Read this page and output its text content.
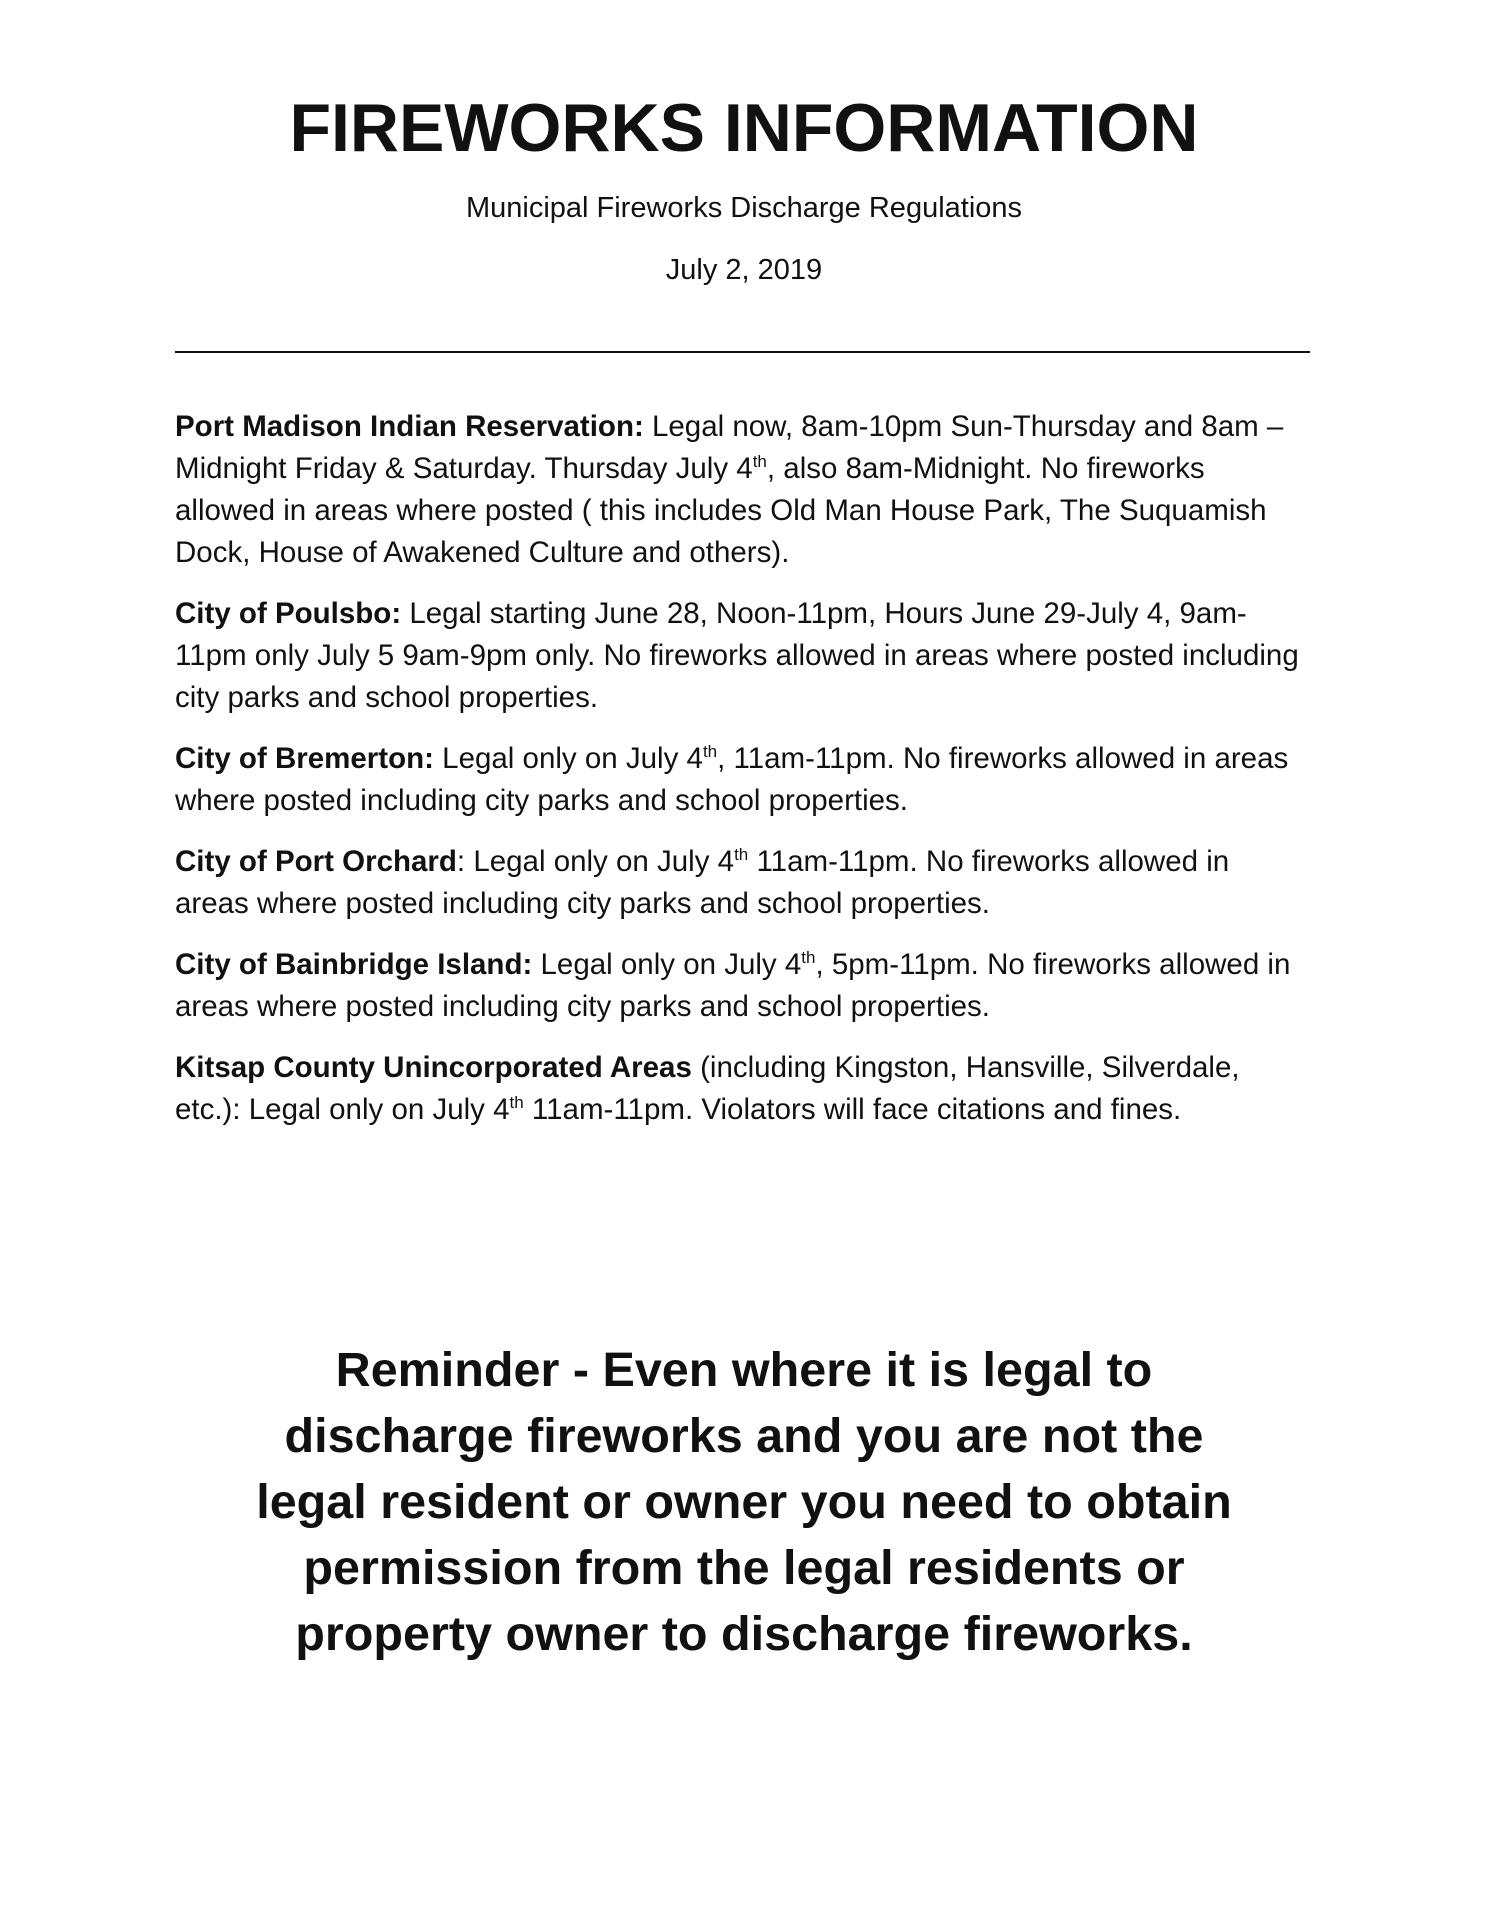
FIREWORKS INFORMATION

Municipal Fireworks Discharge Regulations

July 2, 2019

Port Madison Indian Reservation: Legal now, 8am-10pm Sun-Thursday and 8am – Midnight Friday & Saturday. Thursday July 4th, also 8am-Midnight. No fireworks allowed in areas where posted ( this includes Old Man House Park, The Suquamish Dock, House of Awakened Culture and others).

City of Poulsbo: Legal starting June 28, Noon-11pm, Hours June 29-July 4, 9am-11pm only July 5 9am-9pm only. No fireworks allowed in areas where posted including city parks and school properties.

City of Bremerton: Legal only on July 4th, 11am-11pm. No fireworks allowed in areas where posted including city parks and school properties.

City of Port Orchard: Legal only on July 4th 11am-11pm. No fireworks allowed in areas where posted including city parks and school properties.

City of Bainbridge Island: Legal only on July 4th, 5pm-11pm. No fireworks allowed in areas where posted including city parks and school properties.

Kitsap County Unincorporated Areas (including Kingston, Hansville, Silverdale, etc.): Legal only on July 4th 11am-11pm. Violators will face citations and fines.

Reminder - Even where it is legal to
discharge fireworks and you are not the
legal resident or owner you need to obtain
permission from the legal residents or
property owner to discharge fireworks.
